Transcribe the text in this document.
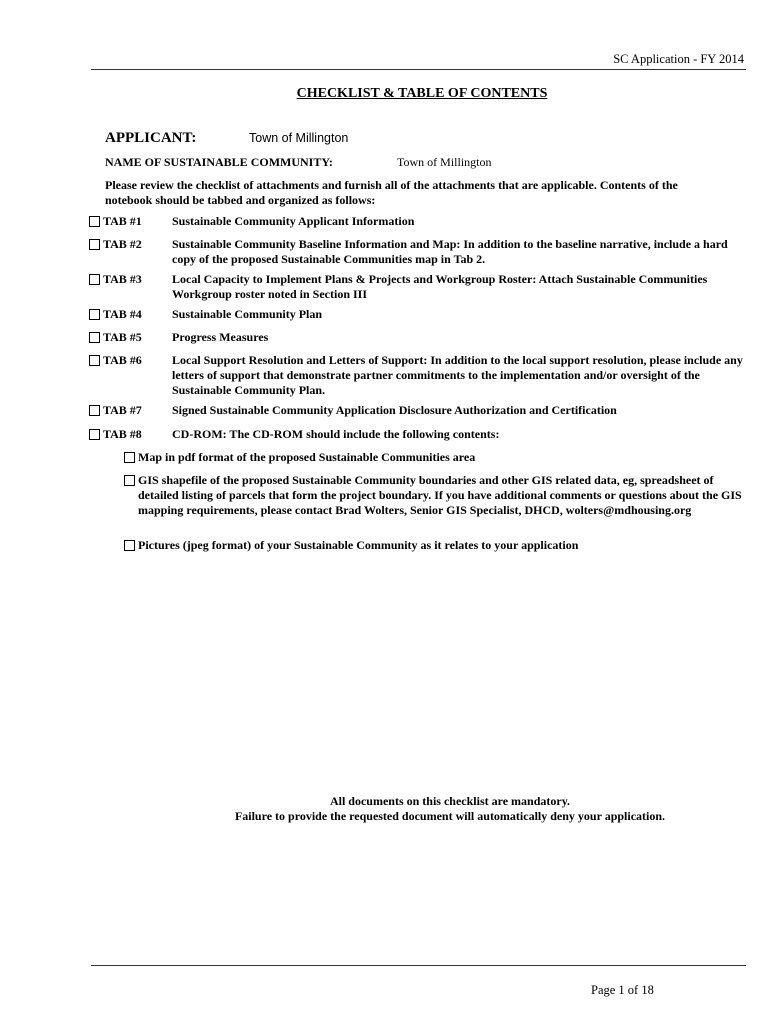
SC Application - FY 2014
CHECKLIST & TABLE OF CONTENTS
APPLICANT:	Town of Millington
NAME OF SUSTAINABLE COMMUNITY:	Town of Millington
Please review the checklist of attachments and furnish all of the attachments that are applicable. Contents of the notebook should be tabbed and organized as follows:
TAB #1	Sustainable Community Applicant Information
TAB #2	Sustainable Community Baseline Information and Map: In addition to the baseline narrative, include a hard copy of the proposed Sustainable Communities map in Tab 2.
TAB #3	Local Capacity to Implement Plans & Projects and Workgroup Roster: Attach Sustainable Communities Workgroup roster noted in Section III
TAB #4	Sustainable Community Plan
TAB #5	Progress Measures
TAB #6	Local Support Resolution and Letters of Support: In addition to the local support resolution, please include any letters of support that demonstrate partner commitments to the implementation and/or oversight of the Sustainable Community Plan.
TAB #7	Signed Sustainable Community Application Disclosure Authorization and Certification
TAB #8	CD-ROM: The CD-ROM should include the following contents:
Map in pdf format of the proposed Sustainable Communities area
GIS shapefile of the proposed Sustainable Community boundaries and other GIS related data, eg, spreadsheet of detailed listing of parcels that form the project boundary. If you have additional comments or questions about the GIS mapping requirements, please contact Brad Wolters, Senior GIS Specialist, DHCD, wolters@mdhousing.org
Pictures (jpeg format) of your Sustainable Community as it relates to your application
All documents on this checklist are mandatory.
Failure to provide the requested document will automatically deny your application.
Page 1 of 18
